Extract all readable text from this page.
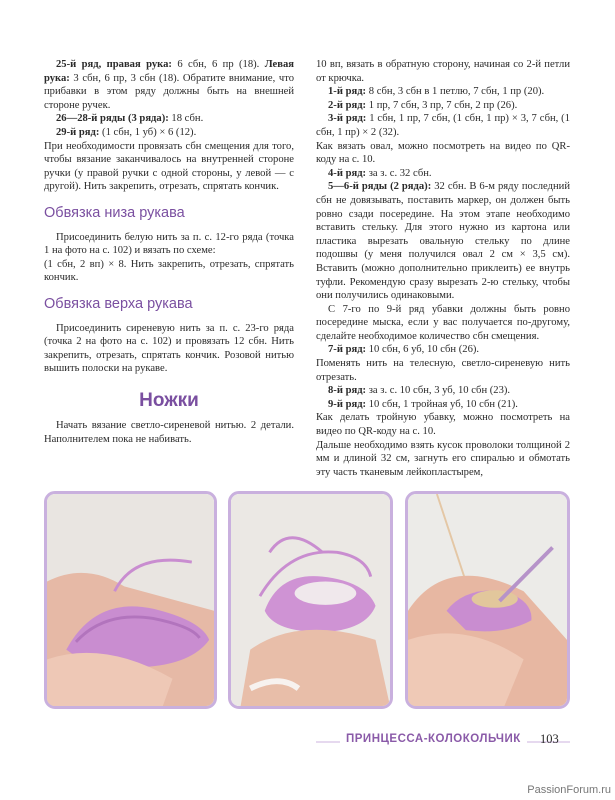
25-й ряд, правая рука: 6 сбн, 6 пр (18). Левая рука: 3 сбн, 6 пр, 3 сбн (18). Обратите внимание, что прибавки в этом ряду должны быть на внешней стороне ручек.

26—28-й ряды (3 ряда): 18 сбн.

29-й ряд: (1 сбн, 1 уб) × 6 (12).

При необходимости провязать сбн смещения для того, чтобы вязание заканчивалось на внутренней стороне ручки (у правой ручки с одной стороны, у левой — с другой). Нить закрепить, отрезать, спрятать кончик.

Обвязка низа рукава

Присоединить белую нить за п. с. 12-го ряда (точка 1 на фото на с. 102) и вязать по схеме:

(1 сбн, 2 вп) × 8. Нить закрепить, отрезать, спрятать кончик.

Обвязка верха рукава

Присоединить сиреневую нить за п. с. 23-го ряда (точка 2 на фото на с. 102) и провязать 12 сбн. Нить закрепить, отрезать, спрятать кончик. Розовой нитью вышить полоски на рукаве.

Ножки

Начать вязание светло-сиреневой нитью. 2 детали. Наполнителем пока не набивать.

10 вп, вязать в обратную сторону, начиная со 2-й петли от крючка.

1-й ряд: 8 сбн, 3 сбн в 1 петлю, 7 сбн, 1 пр (20).

2-й ряд: 1 пр, 7 сбн, 3 пр, 7 сбн, 2 пр (26).

3-й ряд: 1 сбн, 1 пр, 7 сбн, (1 сбн, 1 пр) × 3, 7 сбн, (1 сбн, 1 пр) × 2 (32).

Как вязать овал, можно посмотреть на видео по QR-коду на с. 10.

4-й ряд: за з. с. 32 сбн.

5—6-й ряды (2 ряда): 32 сбн. В 6-м ряду последний сбн не довязывать, поставить маркер, он должен быть ровно сзади посередине. На этом этапе необходимо вставить стельку. Для этого нужно из картона или пластика вырезать овальную стельку по длине подошвы (у меня получился овал 2 см × 3,5 см). Вставить (можно дополнительно приклеить) ее внутрь туфли. Рекомендую сразу вырезать 2-ю стельку, чтобы они получились одинаковыми.

С 7-го по 9-й ряд убавки должны быть ровно посередине мыска, если у вас получается по-другому, сделайте необходимое количество сбн смещения.

7-й ряд: 10 сбн, 6 уб, 10 сбн (26).

Поменять нить на телесную, светло-сиреневую нить отрезать.

8-й ряд: за з. с. 10 сбн, 3 уб, 10 сбн (23).

9-й ряд: 10 сбн, 1 тройная уб, 10 сбн (21).

Как делать тройную убавку, можно посмотреть на видео по QR-коду на с. 10.

Дальше необходимо взять кусок проволоки толщиной 2 мм и длиной 32 см, загнуть его спиралью и обмотать эту часть тканевым лейкопластырем,

ПРИНЦЕССА-КОЛОКОЛЬЧИК	103
PassionForum.ru
